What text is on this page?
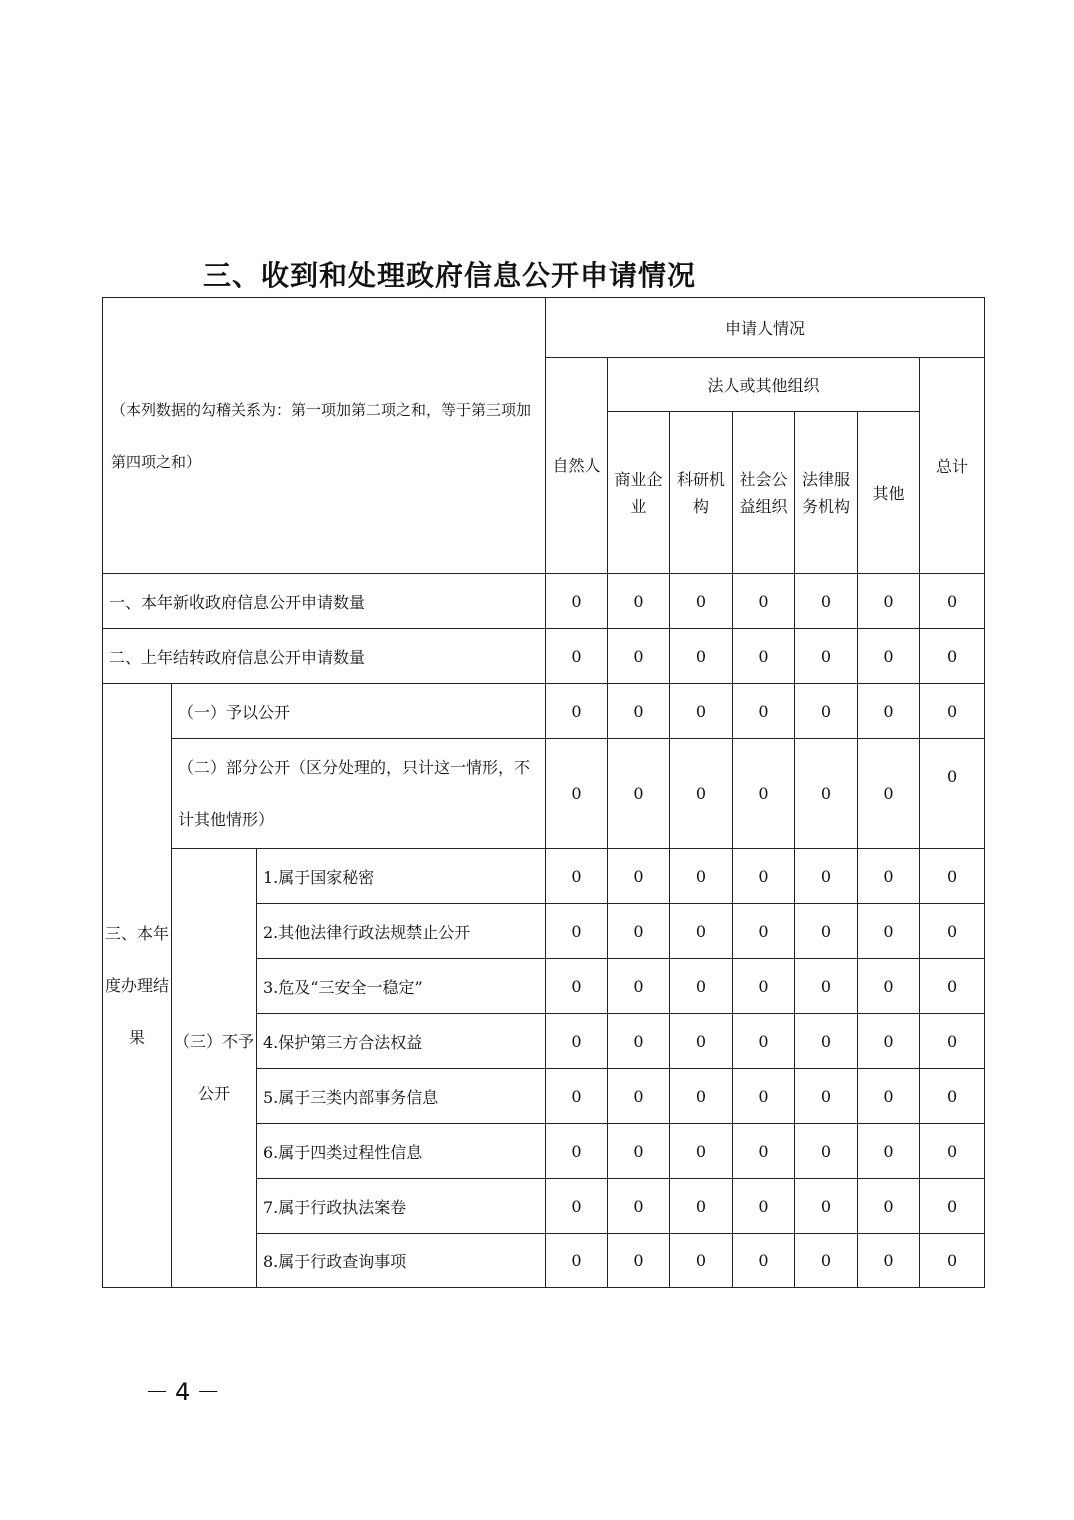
三、收到和处理政府信息公开申请情况
（本列数据的勾稽关系为：第一项加第二项之和，等于第三项加第四项之和）			申请人情况						
			自然人	法人或其他组织					总计
				商业企业	科研机构	社会公益组织	法律服务机构	其他	

一、本年新收政府信息公开申请数量			0	0	0	0	0	0	0
二、上年结转政府信息公开申请数量			0	0	0	0	0	0	0
三、本年度办理结果	（一）予以公开		0	0	0	0	0	0	0
	（二）部分公开（区分处理的，只计这一情形，不计其他情形）		0	0	0	0	0	0	0
	（三）不予公开	1.属于国家秘密	0	0	0	0	0	0	0
		2.其他法律行政法规禁止公开	0	0	0	0	0	0	0
		3.危及“三安全一稳定”	0	0	0	0	0	0	0
		4.保护第三方合法权益	0	0	0	0	0	0	0
		5.属于三类内部事务信息	0	0	0	0	0	0	0
		6.属于四类过程性信息	0	0	0	0	0	0	0
		7.属于行政执法案卷	0	0	0	0	0	0	0
		8.属于行政查询事项	0	0	0	0	0	0	0
－4－
